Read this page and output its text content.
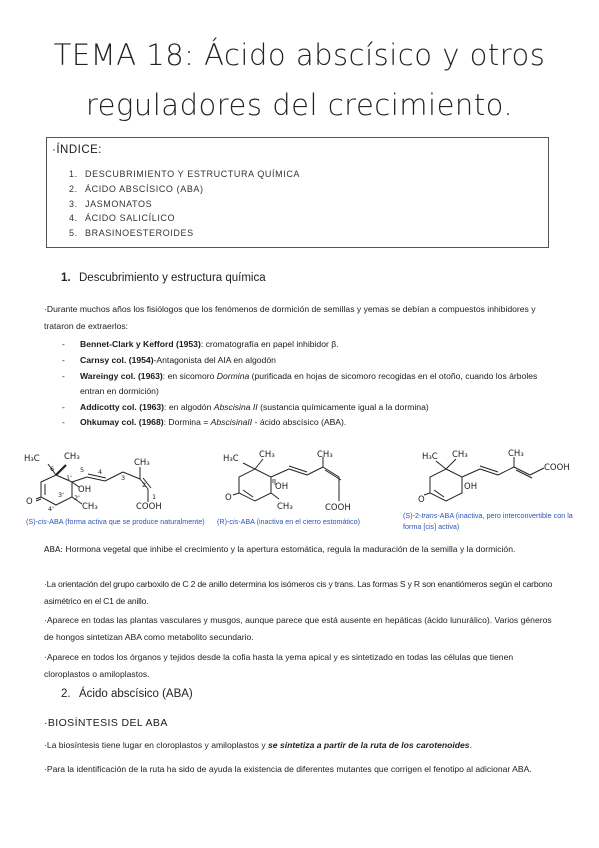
TEMA 18: Ácido abscísico y otros
reguladores del crecimiento.
·ÍNDICE:
1. DESCUBRIMIENTO Y ESTRUCTURA QUÍMICA
2. ÁCIDO ABSCÍSICO (ABA)
3. JASMONATOS
4. ÁCIDO SALICÍLICO
5. BRASINOESTEROIDES
1. Descubrimiento y estructura química
·Durante muchos años los fisiólogos que los fenómenos de dormición de semillas y yemas se debían a compuestos inhibidores y trataron de extraerlos:
- Bennet-Clark y Kefford (1953): cromatografía en papel inhibidor β.
- Carnsy col. (1954)-Antagonista del AIA en algodón
- Wareingy col. (1963): en sicomoro Dormina (purificada en hojas de sicomoro recogidas en el otoño, cuando los árboles entran en dormición)
- Addicotty col. (1963): en algodón Abscisina II (sustancia químicamente igual a la dormina)
- Ohkumay col. (1968): Dormina = AbscisinaII - ácido abscísico (ABA).
H₃C	CH₃
CH₃
OH
O
CH₃
COOH
6
1'
5 4
3
2
1
2'
3'
4'
H₃C CH₃
CH₃
CH₃
OH
O
COOH
H₃C CH₃	CH₃
OH
O
COOH
(S)-cis-ABA (forma activa que se produce naturalmente)	(R)-cis-ABA (inactiva en el cierro estomático)
(S)-2-trans-ABA (inactiva, pero interconvertible con la forma [cis] activa)
ABA: Hormona vegetal que inhibe el crecimiento y la apertura estomática, regula la maduración de la semilla y la dormición.
·La orientación del grupo carboxilo de C 2 de anillo determina los isómeros cis y trans. Las formas S y R son enantiómeros según el carbono asimétrico en el C1 de anillo.
·Aparece en todas las plantas vasculares y musgos, aunque parece que está ausente en hepáticas (ácido lunurálico). Varios géneros de hongos sintetizan ABA como metabolito secundario.
·Aparece en todos los órganos y tejidos desde la cofia hasta la yema apical y es sintetizado en todas las células que tienen cloroplastos o amiloplastos.
2. Ácido abscísico (ABA)
·BIOSÍNTESIS DEL ABA
·La biosíntesis tiene lugar en cloroplastos y amiloplastos y se sintetiza a partir de la ruta de los carotenoides.
·Para la identificación de la ruta ha sido de ayuda la existencia de diferentes mutantes que corrigen el fenotipo al adicionar ABA.
